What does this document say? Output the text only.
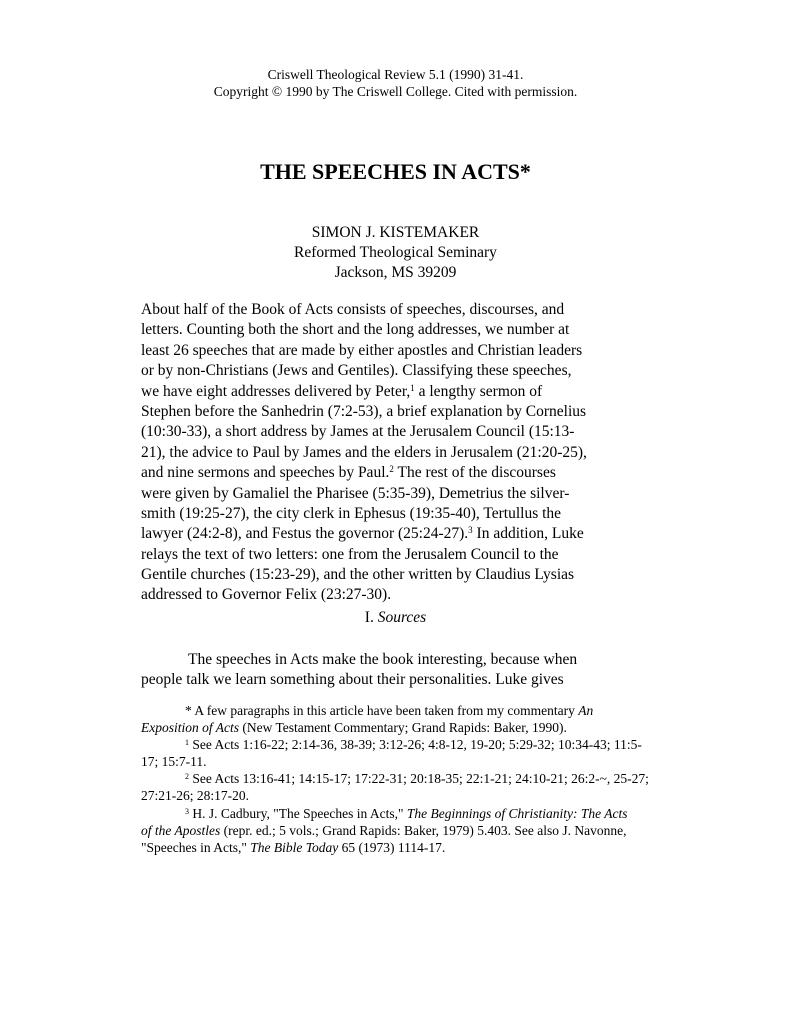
Criswell Theological Review 5.1 (1990) 31-41.
Copyright © 1990 by The Criswell College. Cited with permission.
THE SPEECHES IN ACTS*
SIMON J. KISTEMAKER
Reformed Theological Seminary
Jackson, MS 39209
About half of the Book of Acts consists of speeches, discourses, and
letters. Counting both the short and the long addresses, we number at
least 26 speeches that are made by either apostles and Christian leaders
or by non-Christians (Jews and Gentiles). Classifying these speeches,
we have eight addresses delivered by Peter,$^1$ a lengthy sermon of
Stephen before the Sanhedrin (7:2-53), a brief explanation by Cornelius
(10:30-33), a short address by James at the Jerusalem Council (15:13-
21), the advice to Paul by James and the elders in Jerusalem (21:20-25),
and nine sermons and speeches by Paul.$^2$ The rest of the discourses
were given by Gamaliel the Pharisee (5:35-39), Demetrius the silver-
smith (19:25-27), the city clerk in Ephesus (19:35-40), Tertullus the
lawyer (24:2-8), and Festus the governor (25:24-27).$^3$ In addition, Luke
relays the text of two letters: one from the Jerusalem Council to the
Gentile churches (15:23-29), and the other written by Claudius Lysias
addressed to Governor Felix (23:27-30).
I. Sources
The speeches in Acts make the book interesting, because when
people talk we learn something about their personalities. Luke gives
* A few paragraphs in this article have been taken from my commentary An
Exposition of Acts (New Testament Commentary; Grand Rapids: Baker, 1990).
$^1$ See Acts 1:16-22; 2:14-36, 38-39; 3:12-26; 4:8-12, 19-20; 5:29-32; 10:34-43; 11:5-
17; 15:7-11.
$^2$ See Acts 13:16-41; 14:15-17; 17:22-31; 20:18-35; 22:1-21; 24:10-21; 26:2-~, 25-27;
27:21-26; 28:17-20.
$^3$ H. J. Cadbury, "The Speeches in Acts," The Beginnings of Christianity: The Acts
of the Apostles (repr. ed.; 5 vols.; Grand Rapids: Baker, 1979) 5.403. See also J. Navonne,
"Speeches in Acts," The Bible Today 65 (1973) 1114-17.
